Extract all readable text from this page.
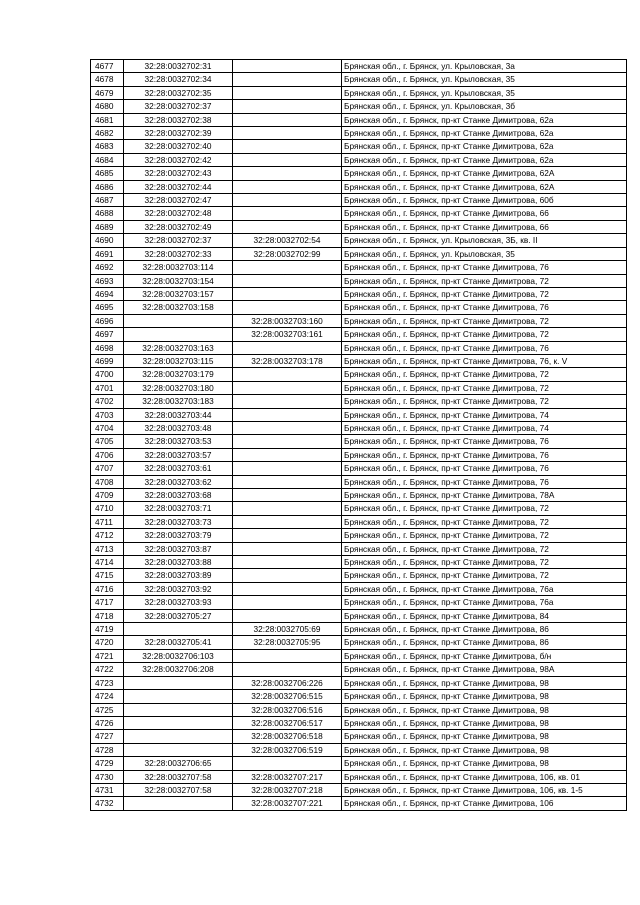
4677	32:28:0032702:31		Брянская обл., г. Брянск, ул. Крыловская, 3а
4678	32:28:0032702:34		Брянская обл., г. Брянск, ул. Крыловская, 35
4679	32:28:0032702:35		Брянская обл., г. Брянск, ул. Крыловская, 35
4680	32:28:0032702:37		Брянская обл., г. Брянск, ул. Крыловская, 3б
4681	32:28:0032702:38		Брянская обл., г. Брянск, пр-кт Станке Димитрова, 62а
4682	32:28:0032702:39		Брянская обл., г. Брянск, пр-кт Станке Димитрова, 62а
4683	32:28:0032702:40		Брянская обл., г. Брянск, пр-кт Станке Димитрова, 62а
4684	32:28:0032702:42		Брянская обл., г. Брянск, пр-кт Станке Димитрова, 62а
4685	32:28:0032702:43		Брянская обл., г. Брянск, пр-кт Станке Димитрова, 62А
4686	32:28:0032702:44		Брянская обл., г. Брянск, пр-кт Станке Димитрова, 62А
4687	32:28:0032702:47		Брянская обл., г. Брянск, пр-кт Станке Димитрова, 60б
4688	32:28:0032702:48		Брянская обл., г. Брянск, пр-кт Станке Димитрова, 66
4689	32:28:0032702:49		Брянская обл., г. Брянск, пр-кт Станке Димитрова, 66
4690	32:28:0032702:37	32:28:0032702:54	Брянская обл., г. Брянск, ул. Крыловская, 3Б, кв. II
4691	32:28:0032702:33	32:28:0032702:99	Брянская обл., г. Брянск, ул. Крыловская, 35
4692	32:28:0032703:114		Брянская обл., г. Брянск, пр-кт Станке Димитрова, 76
4693	32:28:0032703:154		Брянская обл., г. Брянск, пр-кт Станке Димитрова, 72
4694	32:28:0032703:157		Брянская обл., г. Брянск, пр-кт Станке Димитрова, 72
4695	32:28:0032703:158		Брянская обл., г. Брянск, пр-кт Станке Димитрова, 76
4696		32:28:0032703:160	Брянская обл., г. Брянск, пр-кт Станке Димитрова, 72
4697		32:28:0032703:161	Брянская обл., г. Брянск, пр-кт Станке Димитрова, 72
4698	32:28:0032703:163		Брянская обл., г. Брянск, пр-кт Станке Димитрова, 76
4699	32:28:0032703:115	32:28:0032703:178	Брянская обл., г. Брянск, пр-кт Станке Димитрова, 76, к. V
4700	32:28:0032703:179		Брянская обл., г. Брянск, пр-кт Станке Димитрова, 72
4701	32:28:0032703:180		Брянская обл., г. Брянск, пр-кт Станке Димитрова, 72
4702	32:28:0032703:183		Брянская обл., г. Брянск, пр-кт Станке Димитрова, 72
4703	32:28:0032703:44		Брянская обл., г. Брянск, пр-кт Станке Димитрова, 74
4704	32:28:0032703:48		Брянская обл., г. Брянск, пр-кт Станке Димитрова, 74
4705	32:28:0032703:53		Брянская обл., г. Брянск, пр-кт Станке Димитрова, 76
4706	32:28:0032703:57		Брянская обл., г. Брянск, пр-кт Станке Димитрова, 76
4707	32:28:0032703:61		Брянская обл., г. Брянск, пр-кт Станке Димитрова, 76
4708	32:28:0032703:62		Брянская обл., г. Брянск, пр-кт Станке Димитрова, 76
4709	32:28:0032703:68		Брянская обл., г. Брянск, пр-кт Станке Димитрова, 78А
4710	32:28:0032703:71		Брянская обл., г. Брянск, пр-кт Станке Димитрова, 72
4711	32:28:0032703:73		Брянская обл., г. Брянск, пр-кт Станке Димитрова, 72
4712	32:28:0032703:79		Брянская обл., г. Брянск, пр-кт Станке Димитрова, 72
4713	32:28:0032703:87		Брянская обл., г. Брянск, пр-кт Станке Димитрова, 72
4714	32:28:0032703:88		Брянская обл., г. Брянск, пр-кт Станке Димитрова, 72
4715	32:28:0032703:89		Брянская обл., г. Брянск, пр-кт Станке Димитрова, 72
4716	32:28:0032703:92		Брянская обл., г. Брянск, пр-кт Станке Димитрова, 76а
4717	32:28:0032703:93		Брянская обл., г. Брянск, пр-кт Станке Димитрова, 76а
4718	32:28:0032705:27		Брянская обл., г. Брянск, пр-кт Станке Димитрова, 84
4719		32:28:0032705:69	Брянская обл., г. Брянск, пр-кт Станке Димитрова, 86
4720	32:28:0032705:41	32:28:0032705:95	Брянская обл., г. Брянск, пр-кт Станке Димитрова, 86
4721	32:28:0032706:103		Брянская обл., г. Брянск, пр-кт Станке Димитрова, б/н
4722	32:28:0032706:208		Брянская обл., г. Брянск, пр-кт Станке Димитрова, 98А
4723		32:28:0032706:226	Брянская обл., г. Брянск, пр-кт Станке Димитрова, 98
4724		32:28:0032706:515	Брянская обл., г. Брянск, пр-кт Станке Димитрова, 98
4725		32:28:0032706:516	Брянская обл., г. Брянск, пр-кт Станке Димитрова, 98
4726		32:28:0032706:517	Брянская обл., г. Брянск, пр-кт Станке Димитрова, 98
4727		32:28:0032706:518	Брянская обл., г. Брянск, пр-кт Станке Димитрова, 98
4728		32:28:0032706:519	Брянская обл., г. Брянск, пр-кт Станке Димитрова, 98
4729	32:28:0032706:65		Брянская обл., г. Брянск, пр-кт Станке Димитрова, 98
4730	32:28:0032707:58	32:28:0032707:217	Брянская обл., г. Брянск, пр-кт Станке Димитрова, 106, кв. 01
4731	32:28:0032707:58	32:28:0032707:218	Брянская обл., г. Брянск, пр-кт Станке Димитрова, 106, кв. 1-5
4732		32:28:0032707:221	Брянская обл., г. Брянск, пр-кт Станке Димитрова, 106
